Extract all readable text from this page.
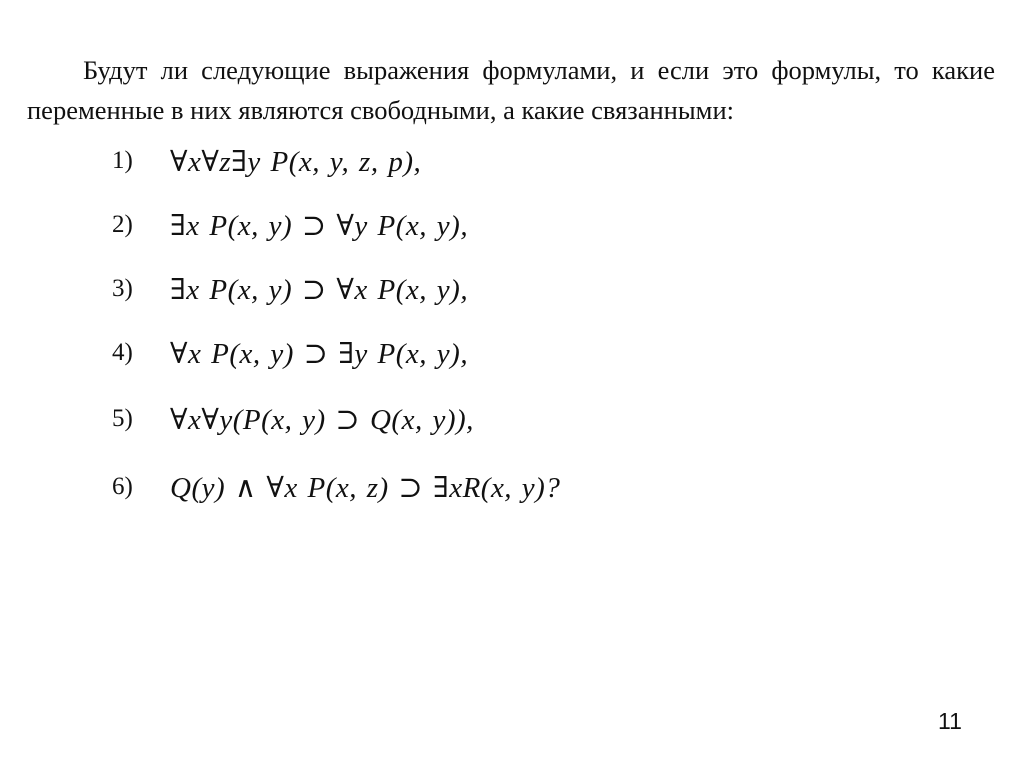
Будут ли следующие выражения формулами, и если это формулы, то какие переменные в них являются свободными, а какие связанными:

1)	∀x∀z∃y P(x, y, z, p),
2)	∃x P(x, y) ⊃ ∀y P(x, y),
3)	∃x P(x, y) ⊃ ∀x P(x, y),
4)	∀x P(x, y) ⊃ ∃y P(x, y),
5)	∀x∀y(P(x, y) ⊃ Q(x, y)),
6)	Q(y) ∧ ∀x P(x, z) ⊃ ∃xR(x, y)?
11
